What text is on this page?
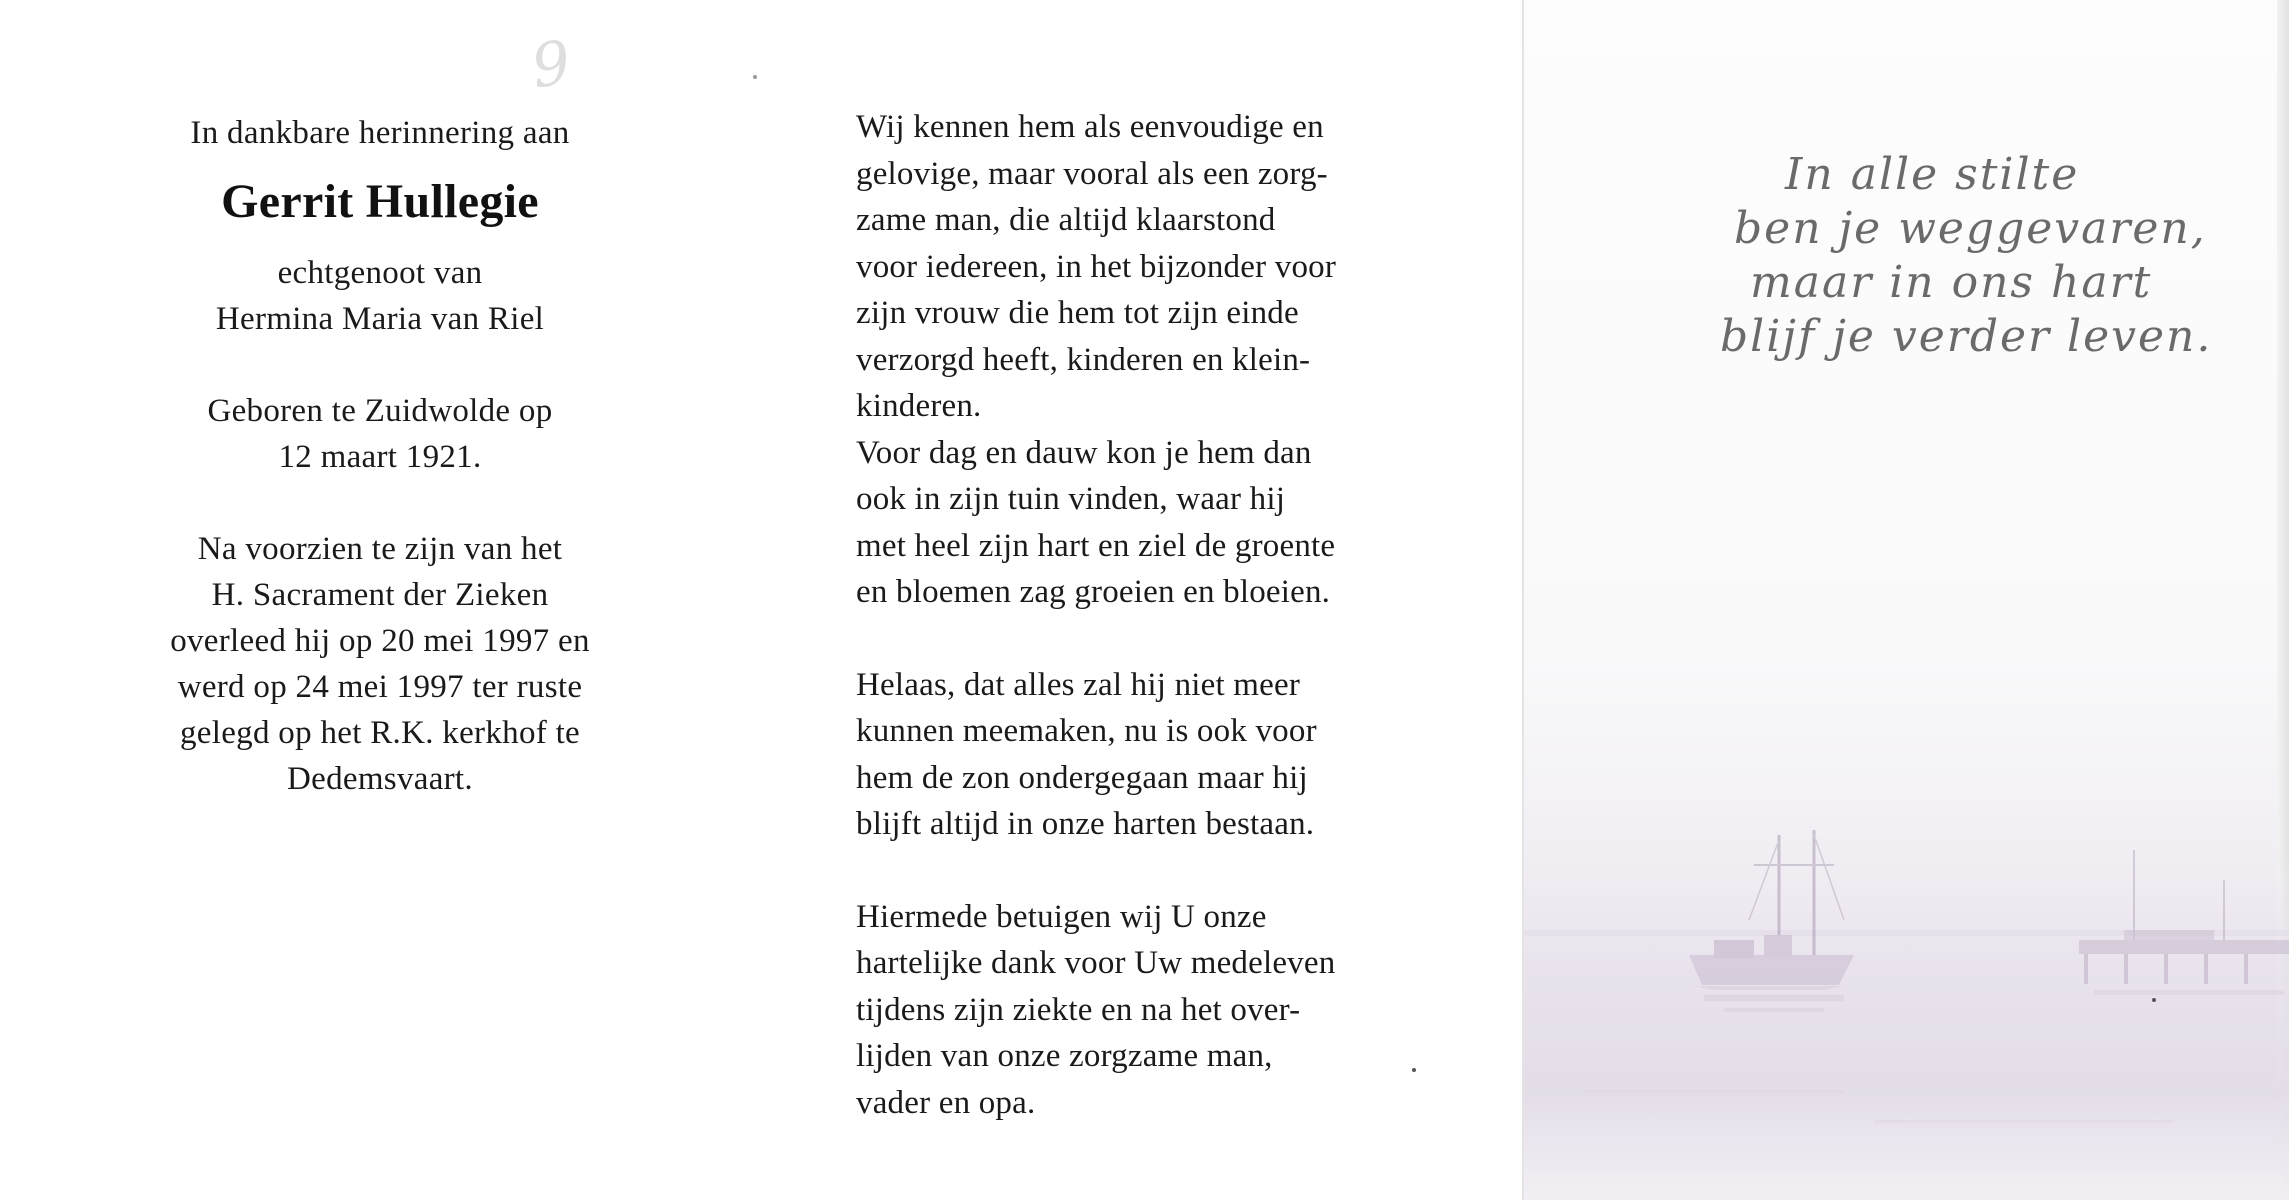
9
In dankbare herinnering aan
Gerrit Hullegie
echtgenoot van
Hermina Maria van Riel
Geboren te Zuidwolde op
12 maart 1921.
Na voorzien te zijn van het
H. Sacrament der Zieken
overleed hij op 20 mei 1997 en
werd op 24 mei 1997 ter ruste
gelegd op het R.K. kerkhof te
Dedemsvaart.
Wij kennen hem als eenvoudige en
gelovige, maar vooral als een zorg-
zame man, die altijd klaarstond
voor iedereen, in het bijzonder voor
zijn vrouw die hem tot zijn einde
verzorgd heeft, kinderen en klein-
kinderen.
Voor dag en dauw kon je hem dan
ook in zijn tuin vinden, waar hij
met heel zijn hart en ziel de groente
en bloemen zag groeien en bloeien.
Helaas, dat alles zal hij niet meer
kunnen meemaken, nu is ook voor
hem de zon ondergegaan maar hij
blijft altijd in onze harten bestaan.
Hiermede betuigen wij U onze
hartelijke dank voor Uw medeleven
tijdens zijn ziekte en na het over-
lijden van onze zorgzame man,
vader en opa.
In alle stilte
ben je weggevaren,
maar in ons hart
blijf je verder leven.
